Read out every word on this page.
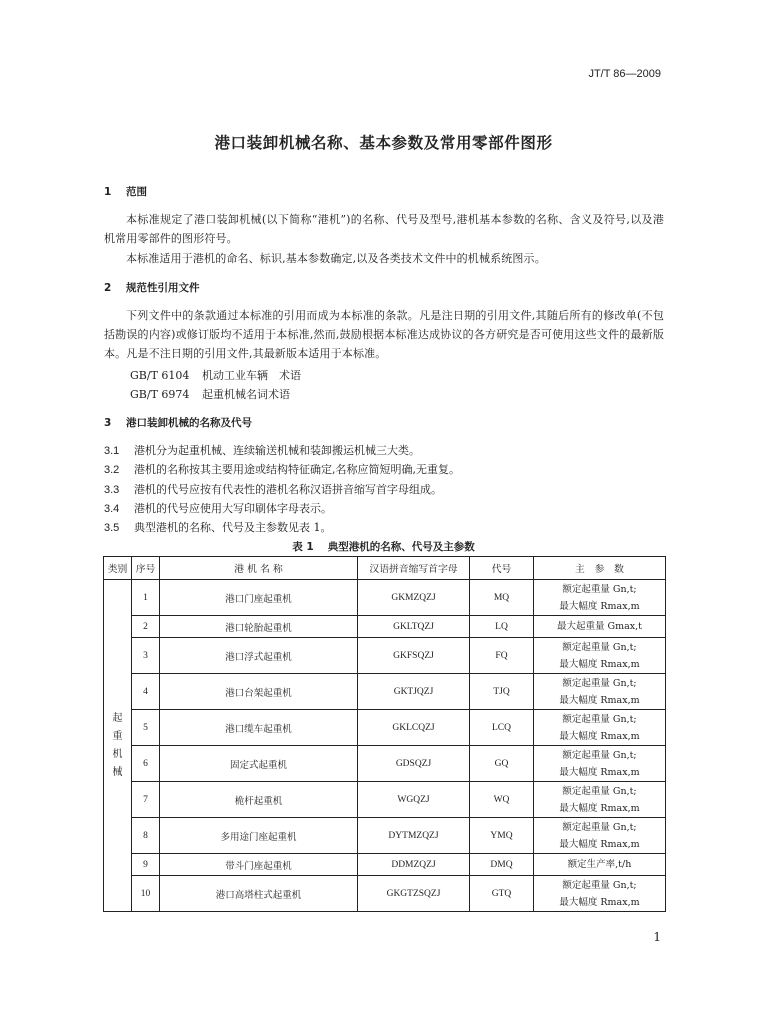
JT/T 86—2009
港口装卸机械名称、基本参数及常用零部件图形
1 范围
本标准规定了港口装卸机械(以下简称“港机”)的名称、代号及型号,港机基本参数的名称、含义及符号,以及港机常用零部件的图形符号。
本标准适用于港机的命名、标识,基本参数确定,以及各类技术文件中的机械系统图示。
2 规范性引用文件
下列文件中的条款通过本标准的引用而成为本标准的条款。凡是注日期的引用文件,其随后所有的修改单(不包括勘误的内容)或修订版均不适用于本标准,然而,鼓励根据本标准达成协议的各方研究是否可使用这些文件的最新版本。凡是不注日期的引用文件,其最新版本适用于本标准。
GB/T 6104 机动工业车辆　术语
GB/T 6974 起重机械名词术语
3 港口装卸机械的名称及代号
3.1 港机分为起重机械、连续输送机械和装卸搬运机械三大类。
3.2 港机的名称按其主要用途或结构特征确定,名称应简短明确,无重复。
3.3 港机的代号应按有代表性的港机名称汉语拼音缩写首字母组成。
3.4 港机的代号应使用大写印刷体字母表示。
3.5 典型港机的名称、代号及主参数见表 1。
表 1 典型港机的名称、代号及主参数
类别	序号	港 机 名 称	汉语拼音缩写首字母	代号	主　参　数
起重机械	1	港口门座起重机	GKMZQZJ	MQ	额定起重量 Gn,t;
最大幅度 Rmax,m

	2	港口轮胎起重机	GKLTQZJ	LQ	最大起重量 Gmax,t

	3	港口浮式起重机	GKFSQZJ	FQ	额定起重量 Gn,t;
最大幅度 Rmax,m

	4	港口台架起重机	GKTJQZJ	TJQ	额定起重量 Gn,t;
最大幅度 Rmax,m

	5	港口缆车起重机	GKLCQZJ	LCQ	额定起重量 Gn,t;
最大幅度 Rmax,m

	6	固定式起重机	GDSQZJ	GQ	额定起重量 Gn,t;
最大幅度 Rmax,m

	7	桅杆起重机	WGQZJ	WQ	额定起重量 Gn,t;
最大幅度 Rmax,m

	8	多用途门座起重机	DYTMZQZJ	YMQ	额定起重量 Gn,t;
最大幅度 Rmax,m

	9	带斗门座起重机	DDMZQZJ	DMQ	额定生产率,t/h

	10	港口高塔柱式起重机	GKGTZSQZJ	GTQ	额定起重量 Gn,t;
最大幅度 Rmax,m
1
